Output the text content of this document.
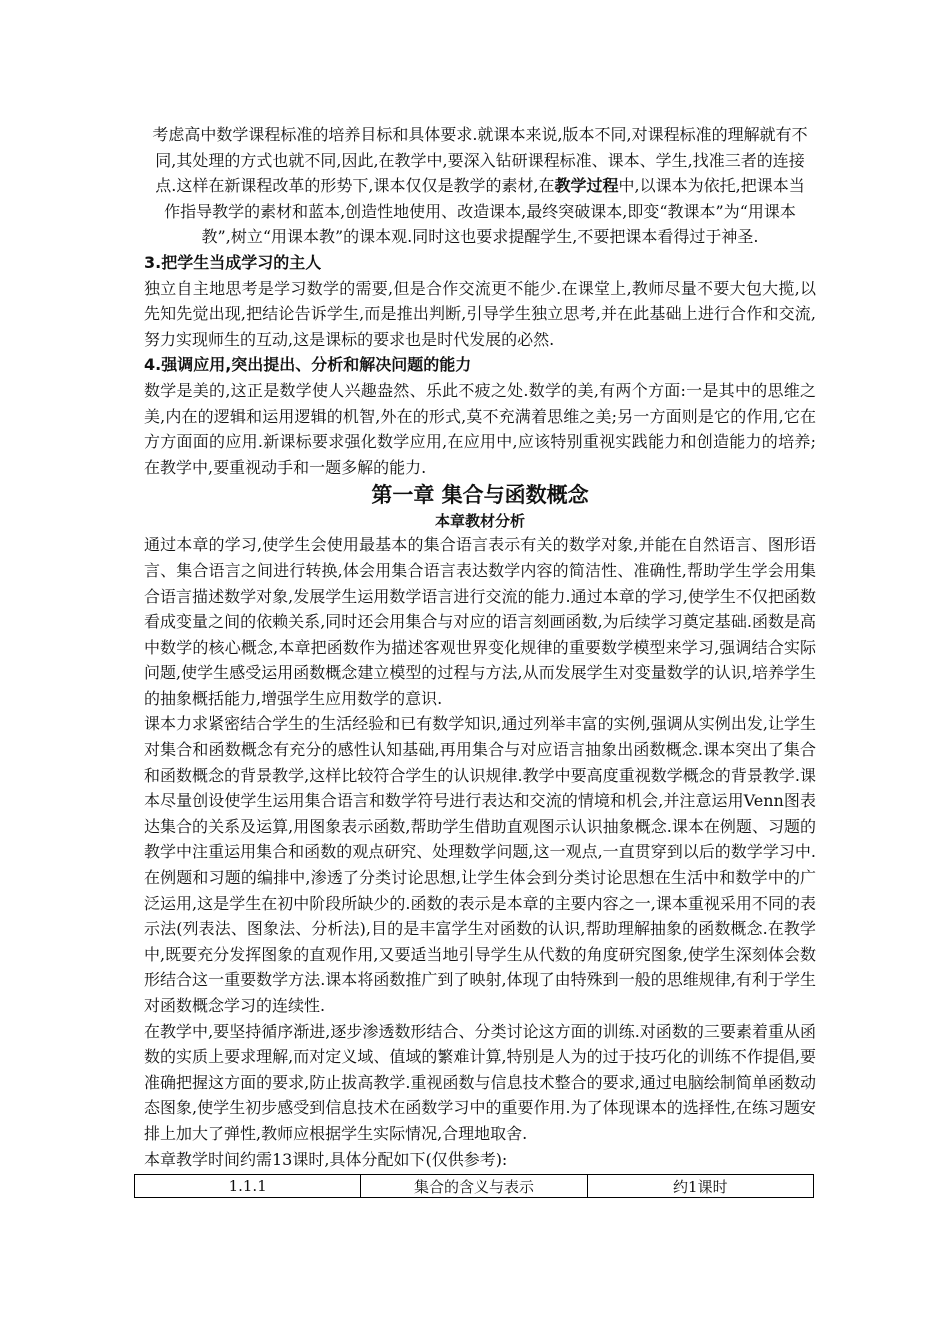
考虑高中数学课程标准的培养目标和具体要求.就课本来说,版本不同,对课程标准的理解就有不同,其处理的方式也就不同,因此,在教学中,要深入钻研课程标准、课本、学生,找准三者的连接点.这样在新课程改革的形势下,课本仅仅是教学的素材,在教学过程中,以课本为依托,把课本当作指导教学的素材和蓝本,创造性地使用、改造课本,最终突破课本,即变“教课本”为“用课本教”,树立“用课本教”的课本观.同时这也要求提醒学生,不要把课本看得过于神圣.

3.把学生当成学习的主人

独立自主地思考是学习数学的需要,但是合作交流更不能少.在课堂上,教师尽量不要大包大揽,以先知先觉出现,把结论告诉学生,而是推出判断,引导学生独立思考,并在此基础上进行合作和交流,努力实现师生的互动,这是课标的要求也是时代发展的必然.

4.强调应用,突出提出、分析和解决问题的能力

数学是美的,这正是数学使人兴趣盎然、乐此不疲之处.数学的美,有两个方面:一是其中的思维之美,内在的逻辑和运用逻辑的机智,外在的形式,莫不充满着思维之美;另一方面则是它的作用,它在方方面面的应用.新课标要求强化数学应用,在应用中,应该特别重视实践能力和创造能力的培养;在教学中,要重视动手和一题多解的能力.

第一章 集合与函数概念

本章教材分析

通过本章的学习,使学生会使用最基本的集合语言表示有关的数学对象,并能在自然语言、图形语言、集合语言之间进行转换,体会用集合语言表达数学内容的简洁性、准确性,帮助学生学会用集合语言描述数学对象,发展学生运用数学语言进行交流的能力.通过本章的学习,使学生不仅把函数看成变量之间的依赖关系,同时还会用集合与对应的语言刻画函数,为后续学习奠定基础.函数是高中数学的核心概念,本章把函数作为描述客观世界变化规律的重要数学模型来学习,强调结合实际问题,使学生感受运用函数概念建立模型的过程与方法,从而发展学生对变量数学的认识,培养学生的抽象概括能力,增强学生应用数学的意识.

课本力求紧密结合学生的生活经验和已有数学知识,通过列举丰富的实例,强调从实例出发,让学生对集合和函数概念有充分的感性认知基础,再用集合与对应语言抽象出函数概念.课本突出了集合和函数概念的背景教学,这样比较符合学生的认识规律.教学中要高度重视数学概念的背景教学.课本尽量创设使学生运用集合语言和数学符号进行表达和交流的情境和机会,并注意运用Venn图表达集合的关系及运算,用图象表示函数,帮助学生借助直观图示认识抽象概念.课本在例题、习题的教学中注重运用集合和函数的观点研究、处理数学问题,这一观点,一直贯穿到以后的数学学习中.在例题和习题的编排中,渗透了分类讨论思想,让学生体会到分类讨论思想在生活中和数学中的广泛运用,这是学生在初中阶段所缺少的.函数的表示是本章的主要内容之一,课本重视采用不同的表示法(列表法、图象法、分析法),目的是丰富学生对函数的认识,帮助理解抽象的函数概念.在教学中,既要充分发挥图象的直观作用,又要适当地引导学生从代数的角度研究图象,使学生深刻体会数形结合这一重要数学方法.课本将函数推广到了映射,体现了由特殊到一般的思维规律,有利于学生对函数概念学习的连续性.

在教学中,要坚持循序渐进,逐步渗透数形结合、分类讨论这方面的训练.对函数的三要素着重从函数的实质上要求理解,而对定义域、值域的繁难计算,特别是人为的过于技巧化的训练不作提倡,要准确把握这方面的要求,防止拔高教学.重视函数与信息技术整合的要求,通过电脑绘制简单函数动态图象,使学生初步感受到信息技术在函数学习中的重要作用.为了体现课本的选择性,在练习题安排上加大了弹性,教师应根据学生实际情况,合理地取舍.

本章教学时间约需13课时,具体分配如下(仅供参考):

1.1.1	集合的含义与表示	约1课时
